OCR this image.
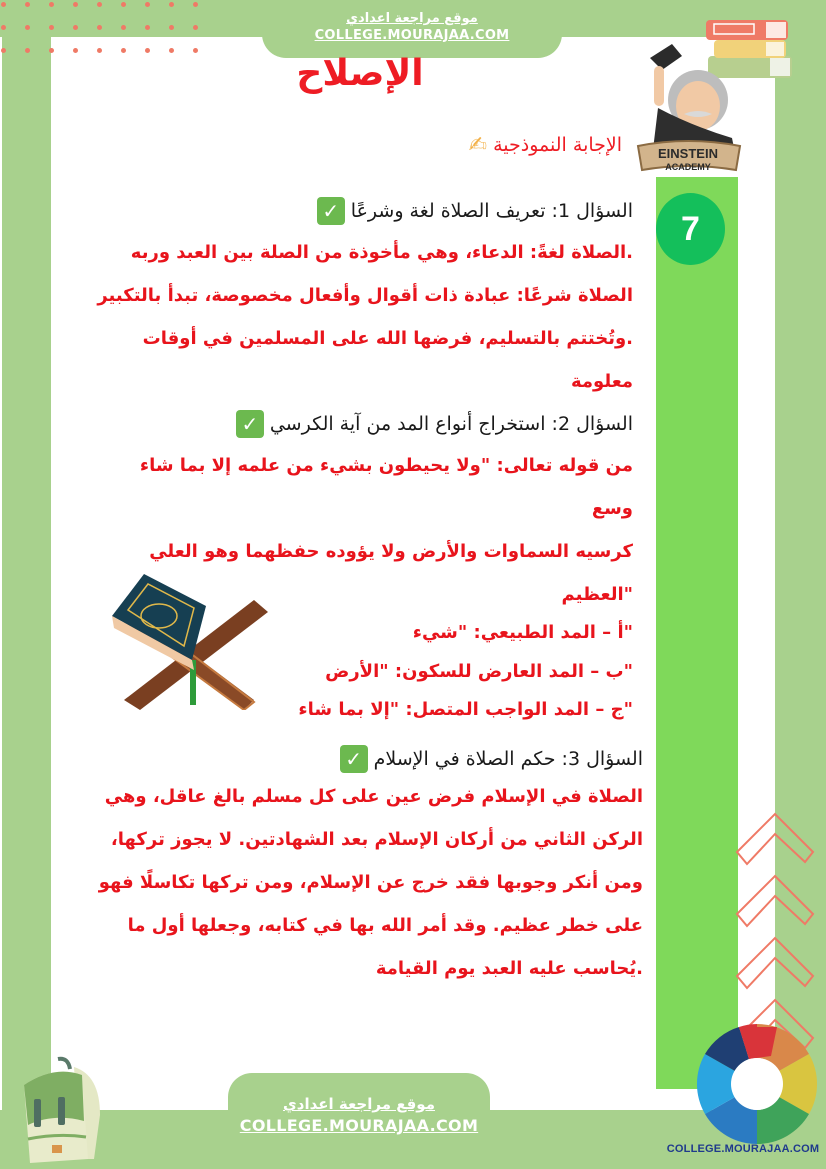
موقع مراجعة اعدادي
COLLEGE.MOURAJAA.COM
EINSTEIN
ACADEMY
الإصلاح
الإجابة النموذجية
✍
7
السؤال 1: تعريف الصلاة لغة وشرعًا
✓
.الصلاة لغةً: الدعاء، وهي مأخوذة من الصلة بين العبد وربه
الصلاة شرعًا: عبادة ذات أقوال وأفعال مخصوصة، تبدأ بالتكبير
.وتُختتم بالتسليم، فرضها الله على المسلمين في أوقات معلومة
السؤال 2: استخراج أنواع المد من آية الكرسي
✓
من قوله تعالى: "ولا يحيطون بشيء من علمه إلا بما شاء وسع
كرسيه السماوات والأرض ولا يؤوده حفظهما وهو العلي
"العظيم
"أ – المد الطبيعي: "شيء
"ب – المد العارض للسكون: "الأرض
"ج – المد الواجب المتصل: "إلا بما شاء
السؤال 3: حكم الصلاة في الإسلام
✓
الصلاة في الإسلام فرض عين على كل مسلم بالغ عاقل، وهي
الركن الثاني من أركان الإسلام بعد الشهادتين. لا يجوز تركها،
ومن أنكر وجوبها فقد خرج عن الإسلام، ومن تركها تكاسلًا فهو
على خطر عظيم. وقد أمر الله بها في كتابه، وجعلها أول ما
.يُحاسب عليه العبد يوم القيامة
موقع مراجعة اعدادي
COLLEGE.MOURAJAA.COM
COLLEGE.MOURAJAA.COM
